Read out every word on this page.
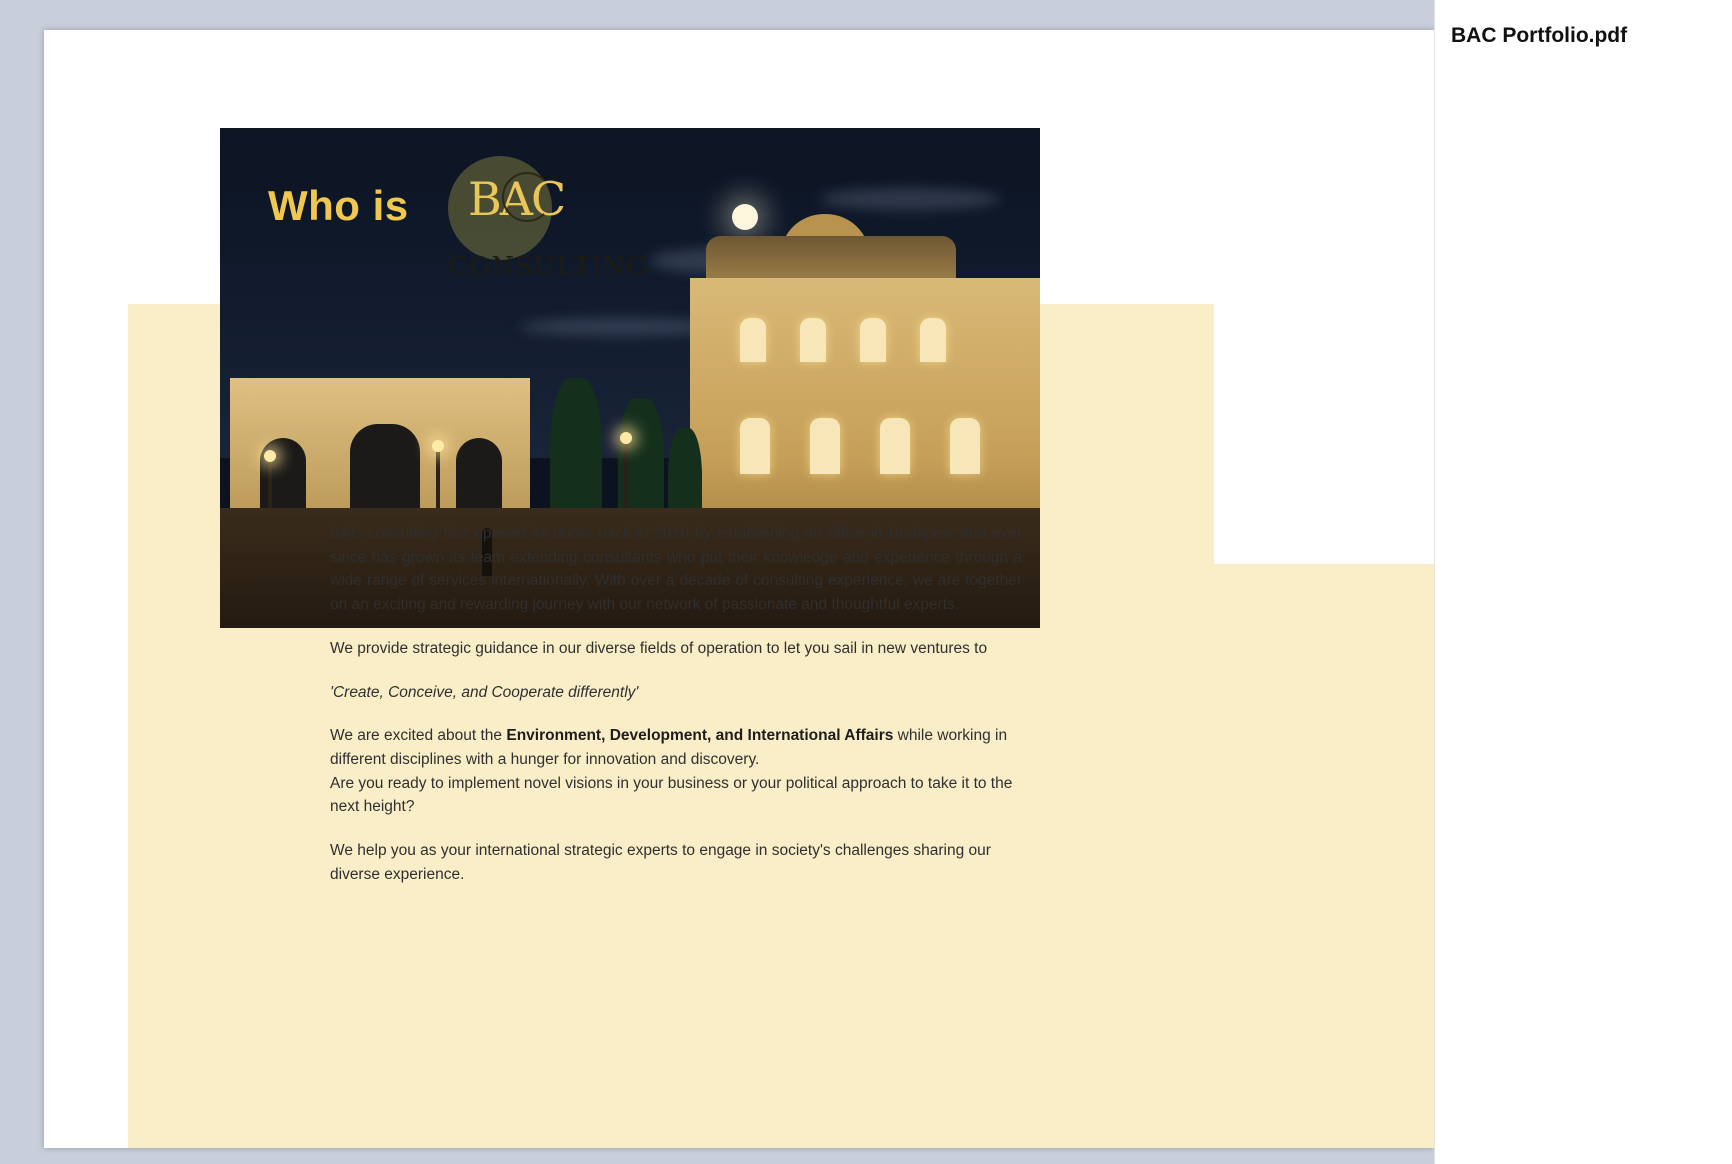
Who is BAC
CONSULTING

BAC consulting first opened its doors back in 2010 by establishing an office in Budapest and ever since has grown its team extending consultants who put their knowledge and experience through a wide range of services internationally. With over a decade of consulting experience, we are together on an exciting and rewarding journey with our network of passionate and thoughtful experts.

We provide strategic guidance in our diverse fields of operation to let you sail in new ventures to

'Create, Conceive, and Cooperate differently'

We are excited about the Environment, Development, and International Affairs while working in different disciplines with a hunger for innovation and discovery.

Are you ready to implement novel visions in your business or your political approach to take it to the next height?

We help you as your international strategic experts to engage in society's challenges sharing our diverse experience.

BAC Portfolio.pdf
